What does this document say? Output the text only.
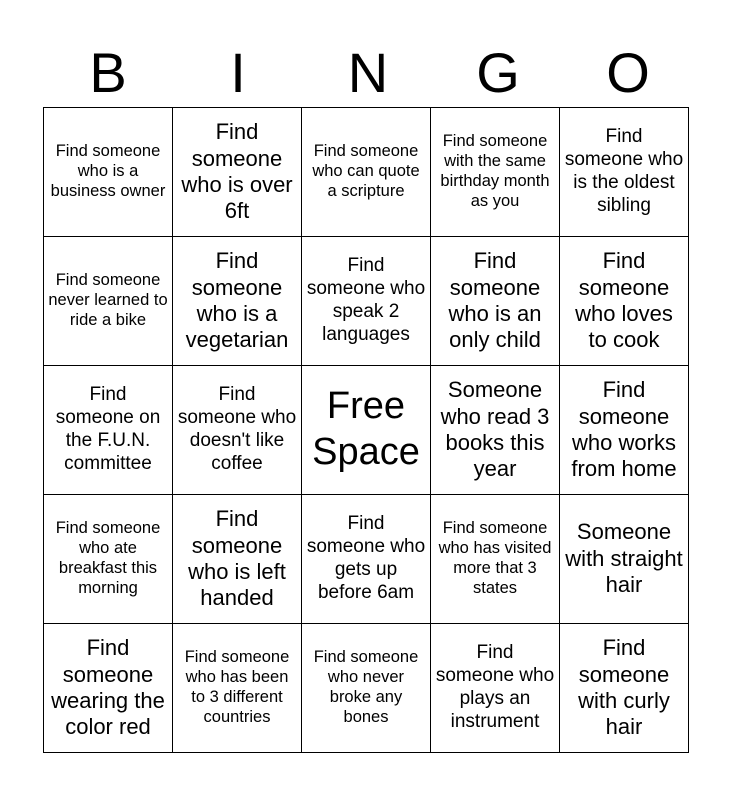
B	I	N	G	O
Find someone who is a business owner	Find someone who is over 6ft	Find someone who can quote a scripture	Find someone with the same birthday month as you	Find someone who is the oldest sibling
Find someone never learned to ride a bike	Find someone who is a vegetarian	Find someone who speak 2 languages	Find someone who is an only child	Find someone who loves to cook
Find someone on the F.U.N. committee	Find someone who doesn't like coffee	Free Space	Someone who read 3 books this year	Find someone who works from home
Find someone who ate breakfast this morning	Find someone who is left handed	Find someone who gets up before 6am	Find someone who has visited more that 3 states	Someone with straight hair
Find someone wearing the color red	Find someone who has been to 3 different countries	Find someone who never broke any bones	Find someone who plays an instrument	Find someone with curly hair
